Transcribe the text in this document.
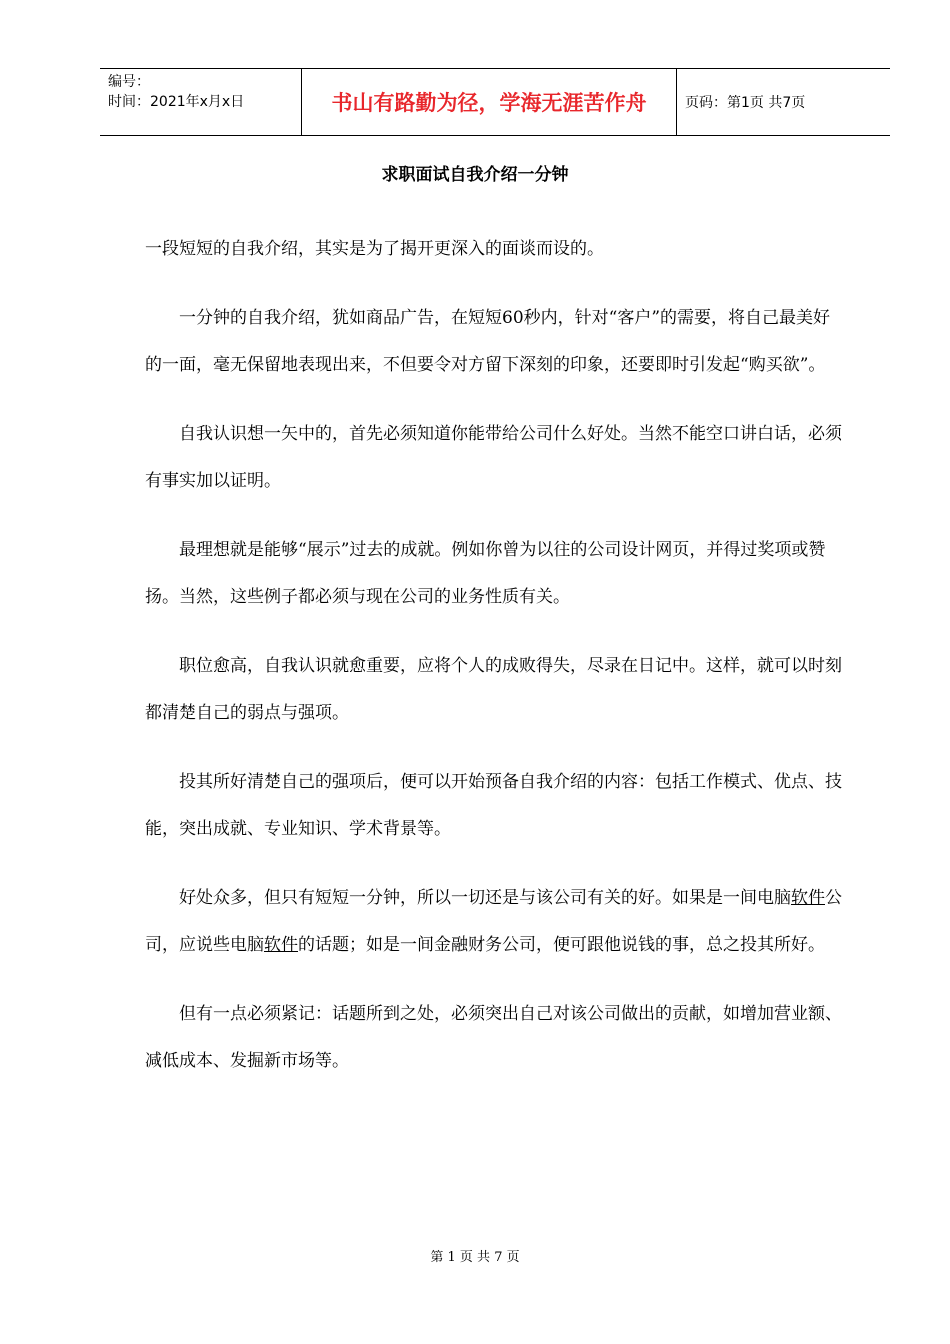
编号：
时间：2021年x月x日	书山有路勤为径，学海无涯苦作舟	页码：第1页 共7页
求职面试自我介绍一分钟

一段短短的自我介绍，其实是为了揭开更深入的面谈而设的。

一分钟的自我介绍，犹如商品广告，在短短60秒内，针对“客户”的需要，将自己最美好的一面，毫无保留地表现出来，不但要令对方留下深刻的印象，还要即时引发起“购买欲”。

自我认识想一矢中的，首先必须知道你能带给公司什么好处。当然不能空口讲白话，必须有事实加以证明。

最理想就是能够“展示”过去的成就。例如你曾为以往的公司设计网页，并得过奖项或赞扬。当然，这些例子都必须与现在公司的业务性质有关。

职位愈高，自我认识就愈重要，应将个人的成败得失，尽录在日记中。这样，就可以时刻都清楚自己的弱点与强项。

投其所好清楚自己的强项后，便可以开始预备自我介绍的内容：包括工作模式、优点、技能，突出成就、专业知识、学术背景等。

好处众多，但只有短短一分钟，所以一切还是与该公司有关的好。如果是一间电脑软件公司，应说些电脑软件的话题；如是一间金融财务公司，便可跟他说钱的事，总之投其所好。

但有一点必须紧记：话题所到之处，必须突出自己对该公司做出的贡献，如增加营业额、减低成本、发掘新市场等。

第 1 页 共 7 页
